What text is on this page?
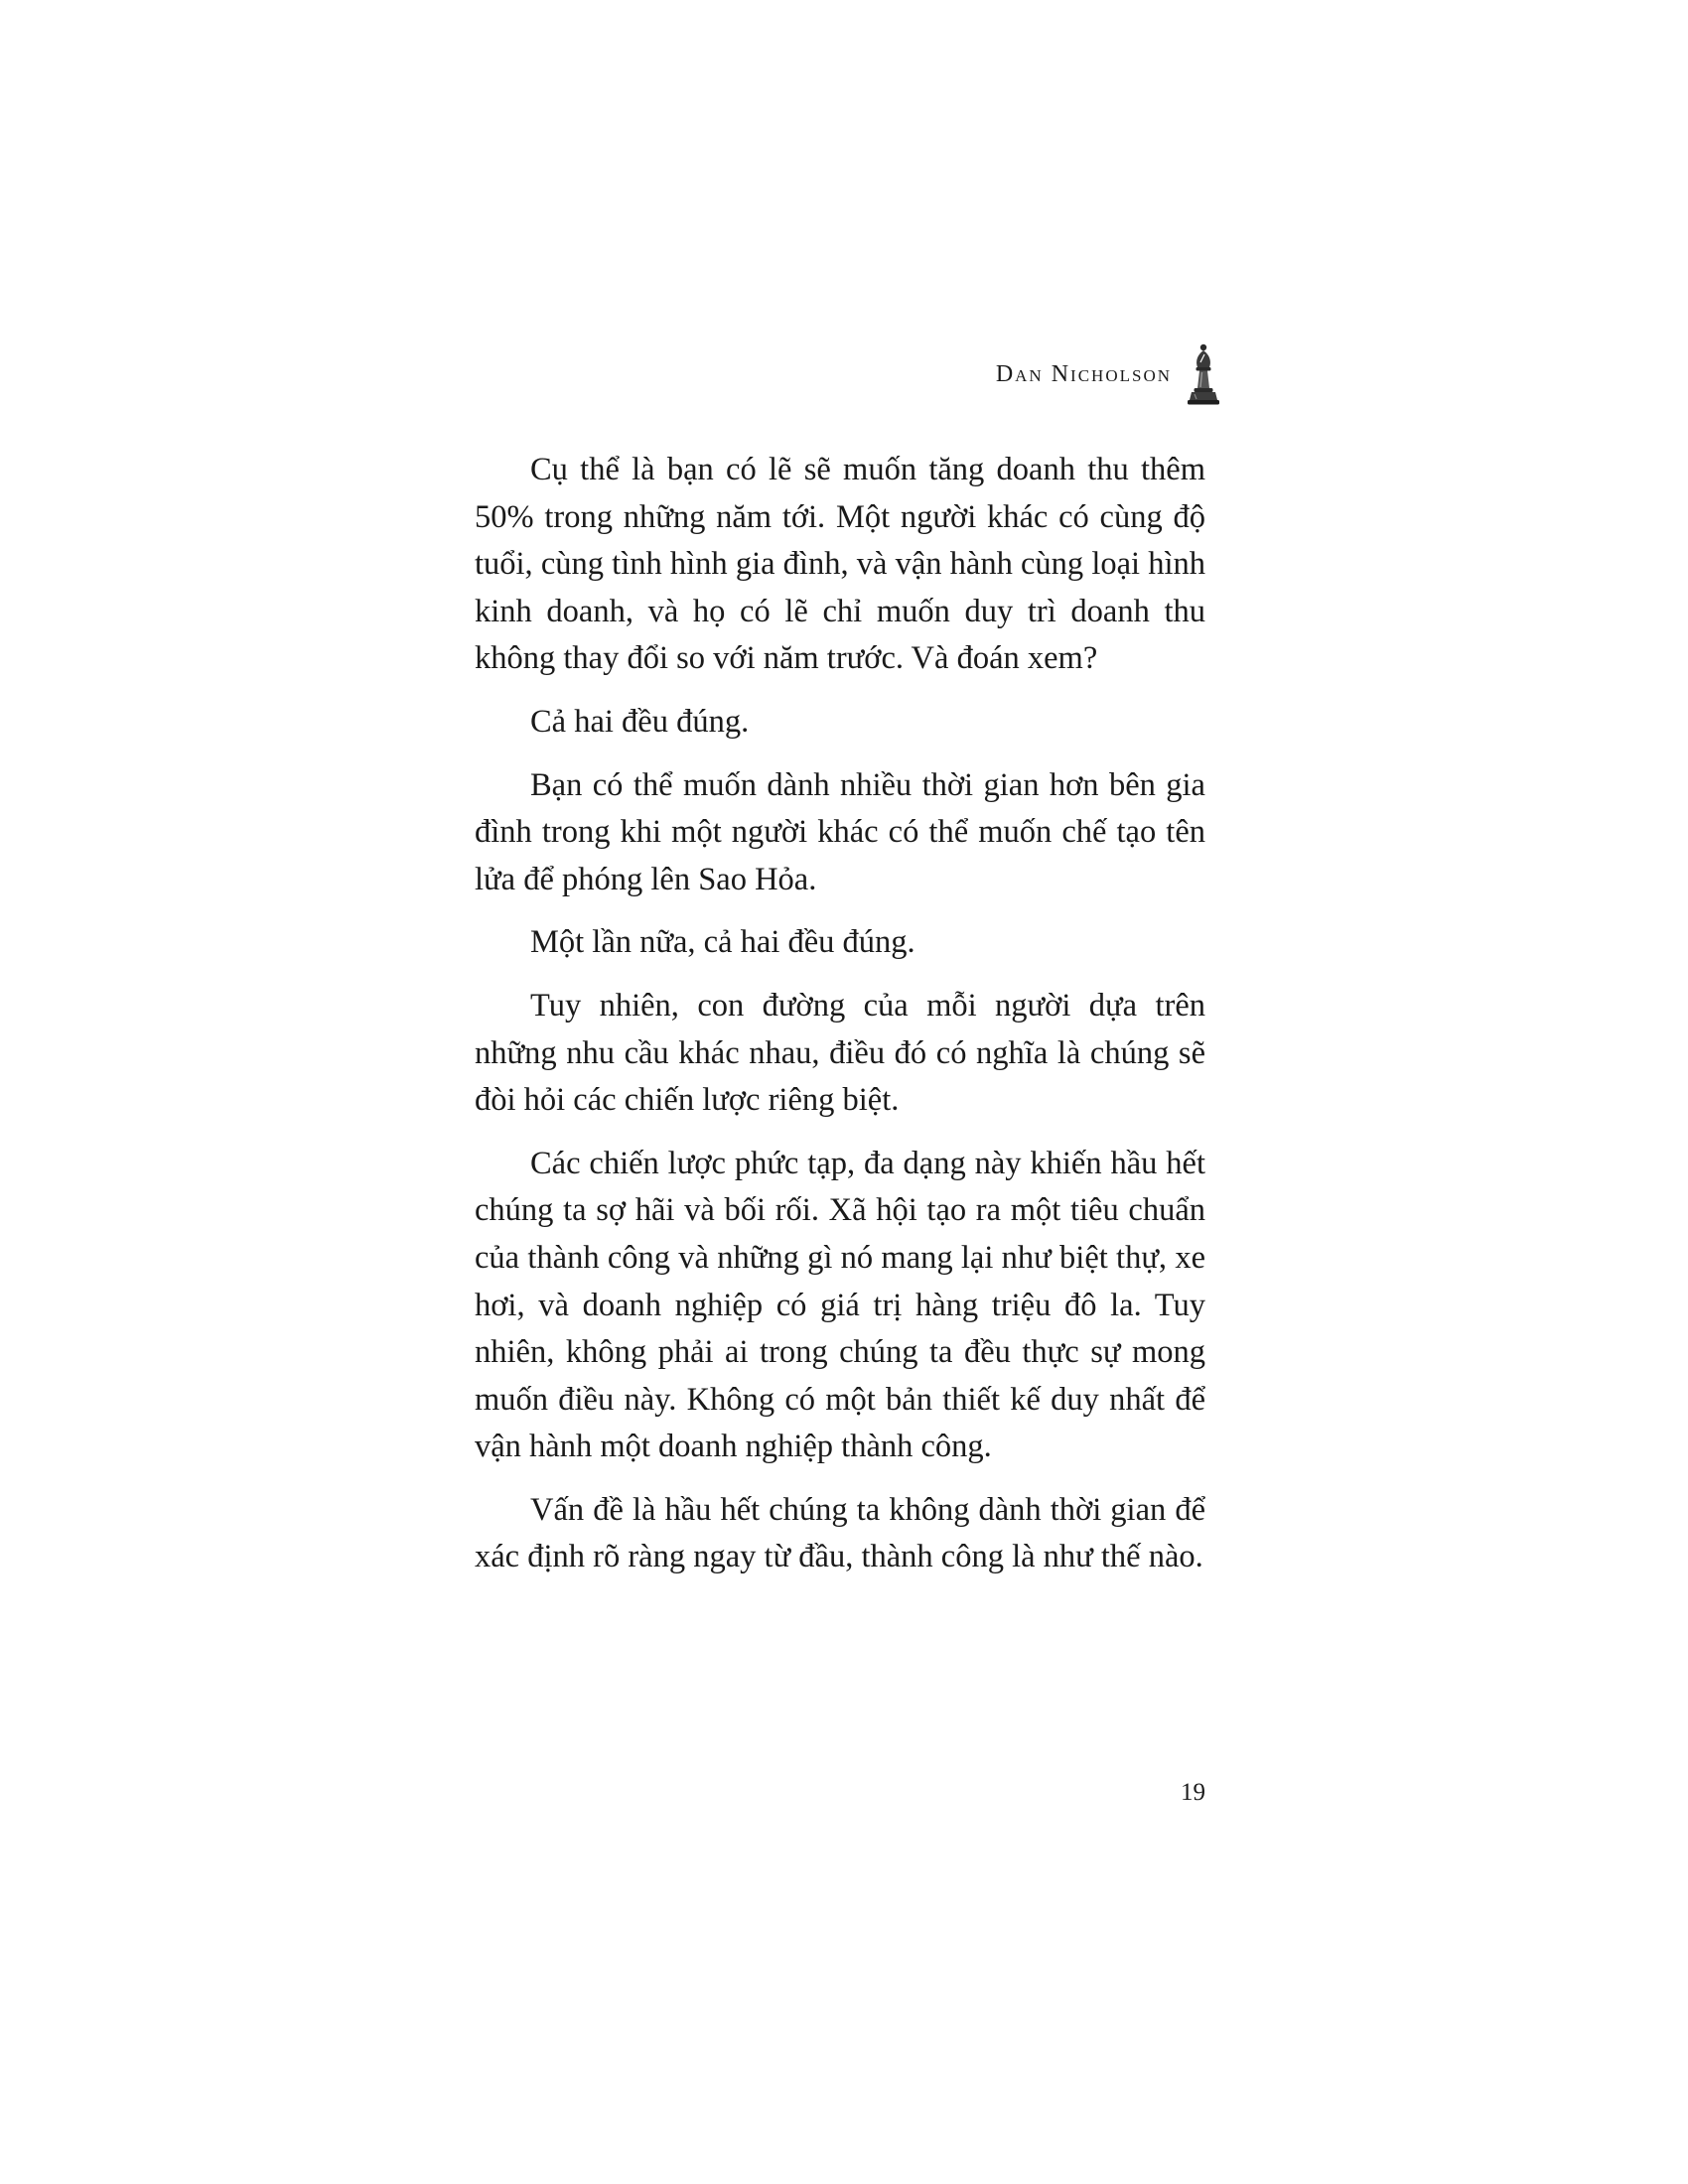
Dan Nicholson

Cụ thể là bạn có lẽ sẽ muốn tăng doanh thu thêm 50% trong những năm tới. Một người khác có cùng độ tuổi, cùng tình hình gia đình, và vận hành cùng loại hình kinh doanh, và họ có lẽ chỉ muốn duy trì doanh thu không thay đổi so với năm trước. Và đoán xem?

Cả hai đều đúng.

Bạn có thể muốn dành nhiều thời gian hơn bên gia đình trong khi một người khác có thể muốn chế tạo tên lửa để phóng lên Sao Hỏa.

Một lần nữa, cả hai đều đúng.

Tuy nhiên, con đường của mỗi người dựa trên những nhu cầu khác nhau, điều đó có nghĩa là chúng sẽ đòi hỏi các chiến lược riêng biệt.

Các chiến lược phức tạp, đa dạng này khiến hầu hết chúng ta sợ hãi và bối rối. Xã hội tạo ra một tiêu chuẩn của thành công và những gì nó mang lại như biệt thự, xe hơi, và doanh nghiệp có giá trị hàng triệu đô la. Tuy nhiên, không phải ai trong chúng ta đều thực sự mong muốn điều này. Không có một bản thiết kế duy nhất để vận hành một doanh nghiệp thành công.

Vấn đề là hầu hết chúng ta không dành thời gian để xác định rõ ràng ngay từ đầu, thành công là như thế nào.

19
